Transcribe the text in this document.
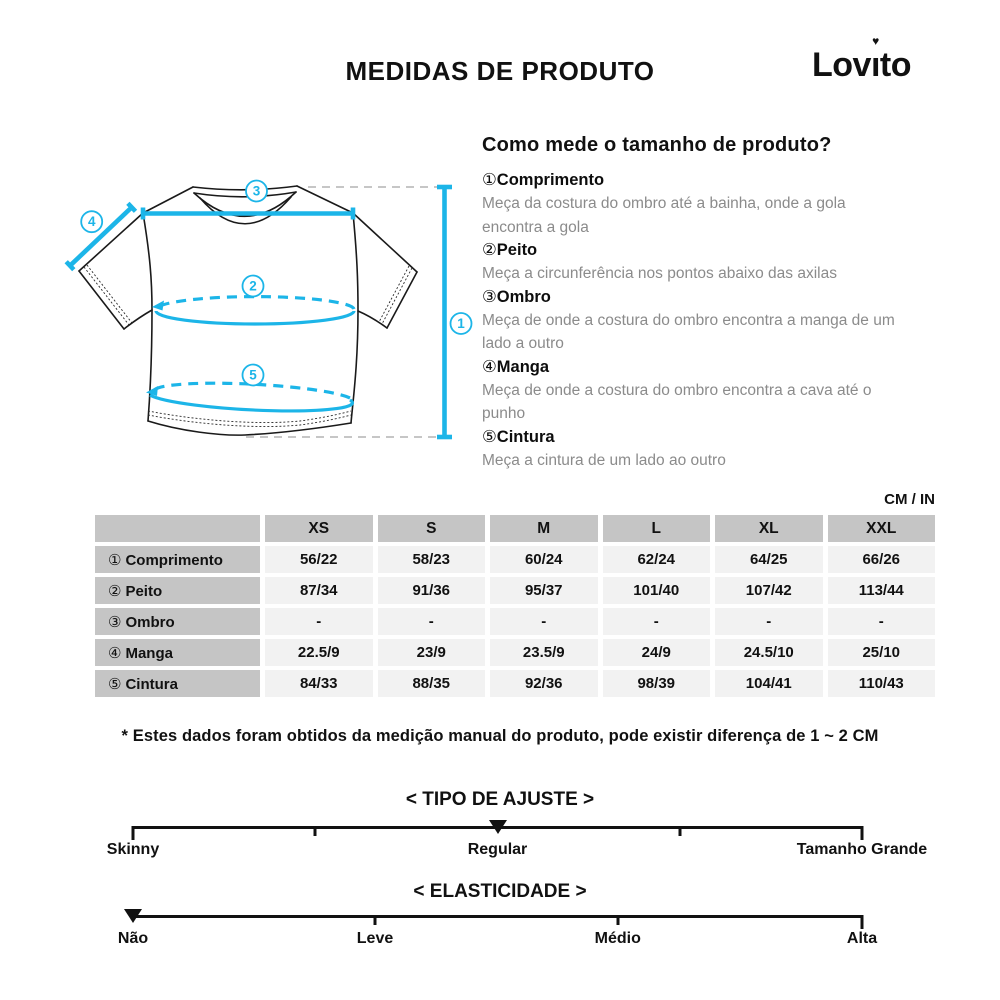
MEDIDAS DE PRODUTO	Lovı
♥
to
3
4
2
5
1
Como mede o tamanho de produto?
①Comprimento
Meça da costura do ombro até a bainha, onde a gola
encontra a gola
②Peito
Meça a circunferência nos pontos abaixo das axilas
③Ombro
Meça de onde a costura do ombro encontra a manga de um
lado a outro
④Manga
Meça de onde a costura do ombro encontra a cava até o
punho
⑤Cintura
Meça a cintura de um lado ao outro
CM / IN
	XS	S	M	L	XL	XXL
① Comprimento	56/22	58/23	60/24	62/24	64/25	66/26
② Peito	87/34	91/36	95/37	101/40	107/42	113/44
③ Ombro	-	-	-	-	-	-
④ Manga	22.5/9	23/9	23.5/9	24/9	24.5/10	25/10
⑤ Cintura	84/33	88/35	92/36	98/39	104/41	110/43
* Estes dados foram obtidos da medição manual do produto, pode existir diferença de 1 ~ 2 CM
< TIPO DE AJUSTE >
Skinny	Regular	Tamanho Grande
< ELASTICIDADE >
Não	Leve	Médio	Alta
